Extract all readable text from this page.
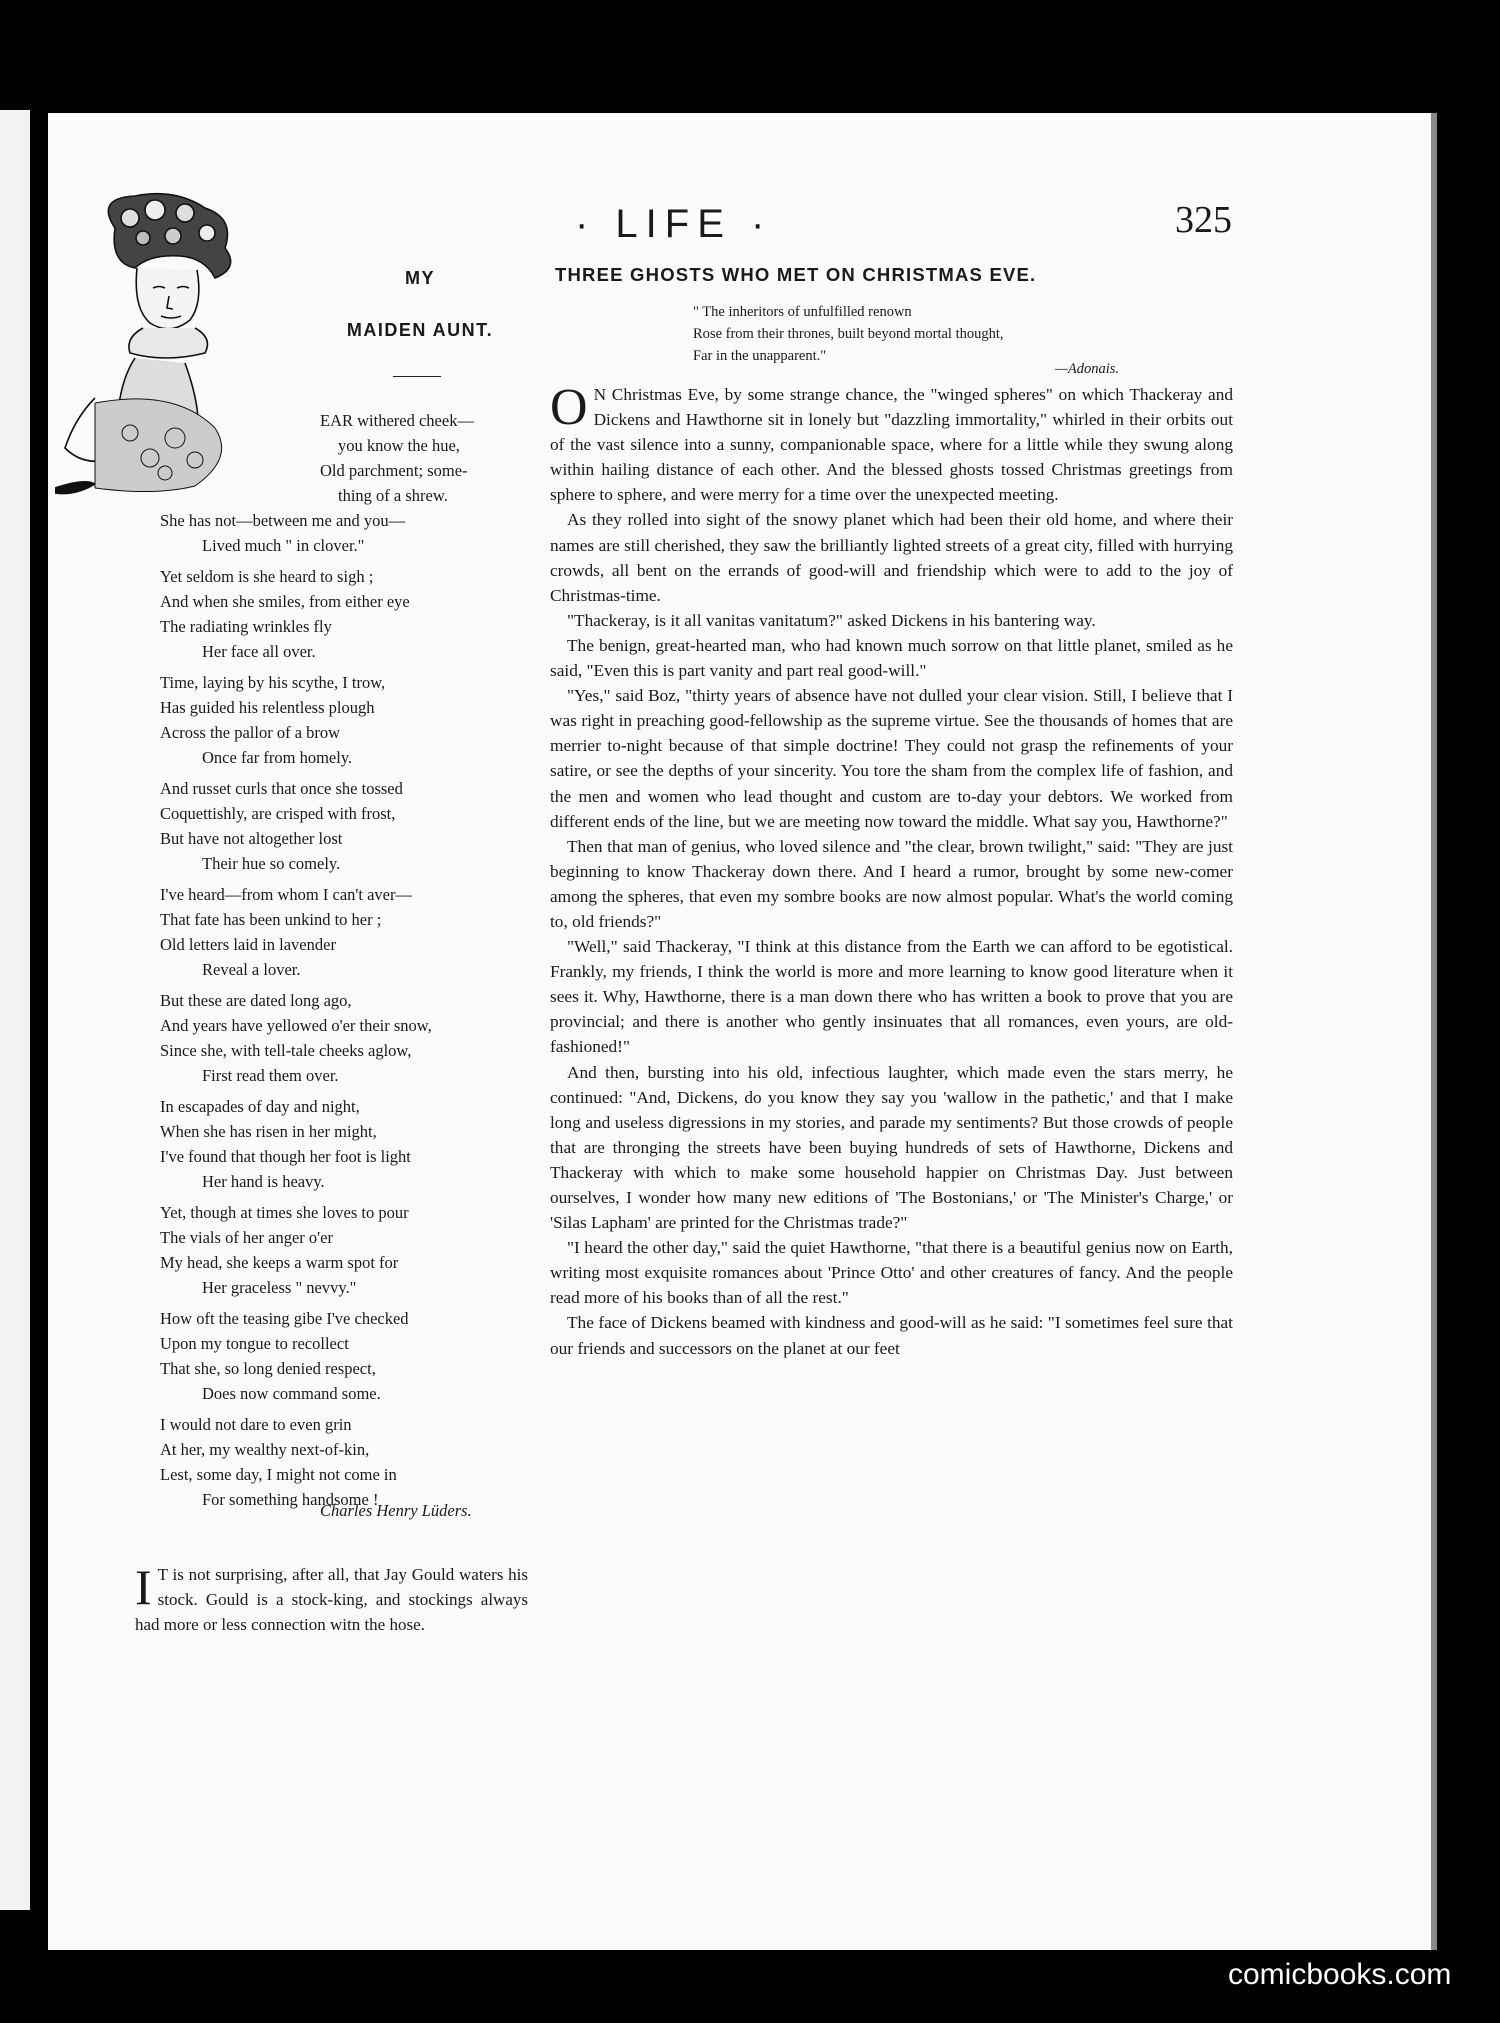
· LIFE ·	325
MY
MAIDEN AUNT.
EAR withered cheek—
you know the hue,
Old parchment; some-
thing of a shrew.
She has not—between me and you—
Lived much " in clover."
Yet seldom is she heard to sigh ;
And when she smiles, from either eye
The radiating wrinkles fly
Her face all over.
Time, laying by his scythe, I trow,
Has guided his relentless plough
Across the pallor of a brow
Once far from homely.
And russet curls that once she tossed
Coquettishly, are crisped with frost,
But have not altogether lost
Their hue so comely.
I've heard—from whom I can't aver—
That fate has been unkind to her ;
Old letters laid in lavender
Reveal a lover.
But these are dated long ago,
And years have yellowed o'er their snow,
Since she, with tell-tale cheeks aglow,
First read them over.
In escapades of day and night,
When she has risen in her might,
I've found that though her foot is light
Her hand is heavy.
Yet, though at times she loves to pour
The vials of her anger o'er
My head, she keeps a warm spot for
Her graceless " nevvy."
How oft the teasing gibe I've checked
Upon my tongue to recollect
That she, so long denied respect,
Does now command some.
I would not dare to even grin
At her, my wealthy next-of-kin,
Lest, some day, I might not come in
For something handsome !
Charles Henry Lüders.
I T is not surprising, after all, that Jay Gould waters his stock. Gould is a stock-king, and stockings always had more or less connection witn the hose.
THREE GHOSTS WHO MET ON CHRISTMAS EVE.
" The inheritors of unfulfilled renown
Rose from their thrones, built beyond mortal thought,
Far in the unapparent."
—Adonais.

O N Christmas Eve, by some strange chance, the "winged spheres" on which Thackeray and Dickens and Hawthorne sit in lonely but "dazzling immortality," whirled in their orbits out of the vast silence into a sunny, companionable space, where for a little while they swung along within hailing distance of each other. And the blessed ghosts tossed Christmas greetings from sphere to sphere, and were merry for a time over the unexpected meeting.

As they rolled into sight of the snowy planet which had been their old home, and where their names are still cherished, they saw the brilliantly lighted streets of a great city, filled with hurrying crowds, all bent on the errands of good-will and friendship which were to add to the joy of Christmas-time.

"Thackeray, is it all vanitas vanitatum?" asked Dickens in his bantering way.

The benign, great-hearted man, who had known much sorrow on that little planet, smiled as he said, "Even this is part vanity and part real good-will."

"Yes," said Boz, "thirty years of absence have not dulled your clear vision. Still, I believe that I was right in preaching good-fellowship as the supreme virtue. See the thousands of homes that are merrier to-night because of that simple doctrine! They could not grasp the refinements of your satire, or see the depths of your sincerity. You tore the sham from the complex life of fashion, and the men and women who lead thought and custom are to-day your debtors. We worked from different ends of the line, but we are meeting now toward the middle. What say you, Hawthorne?"

Then that man of genius, who loved silence and "the clear, brown twilight," said: "They are just beginning to know Thackeray down there. And I heard a rumor, brought by some new-comer among the spheres, that even my sombre books are now almost popular. What's the world coming to, old friends?"

"Well," said Thackeray, "I think at this distance from the Earth we can afford to be egotistical. Frankly, my friends, I think the world is more and more learning to know good literature when it sees it. Why, Hawthorne, there is a man down there who has written a book to prove that you are provincial; and there is another who gently insinuates that all romances, even yours, are old-fashioned!"

And then, bursting into his old, infectious laughter, which made even the stars merry, he continued: "And, Dickens, do you know they say you 'wallow in the pathetic,' and that I make long and useless digressions in my stories, and parade my sentiments? But those crowds of people that are thronging the streets have been buying hundreds of sets of Hawthorne, Dickens and Thackeray with which to make some household happier on Christmas Day. Just between ourselves, I wonder how many new editions of 'The Bostonians,' or 'The Minister's Charge,' or 'Silas Lapham' are printed for the Christmas trade?"

"I heard the other day," said the quiet Hawthorne, "that there is a beautiful genius now on Earth, writing most exquisite romances about 'Prince Otto' and other creatures of fancy. And the people read more of his books than of all the rest."

The face of Dickens beamed with kindness and good-will as he said: "I sometimes feel sure that our friends and successors on the planet at our feet

comicbooks.com
